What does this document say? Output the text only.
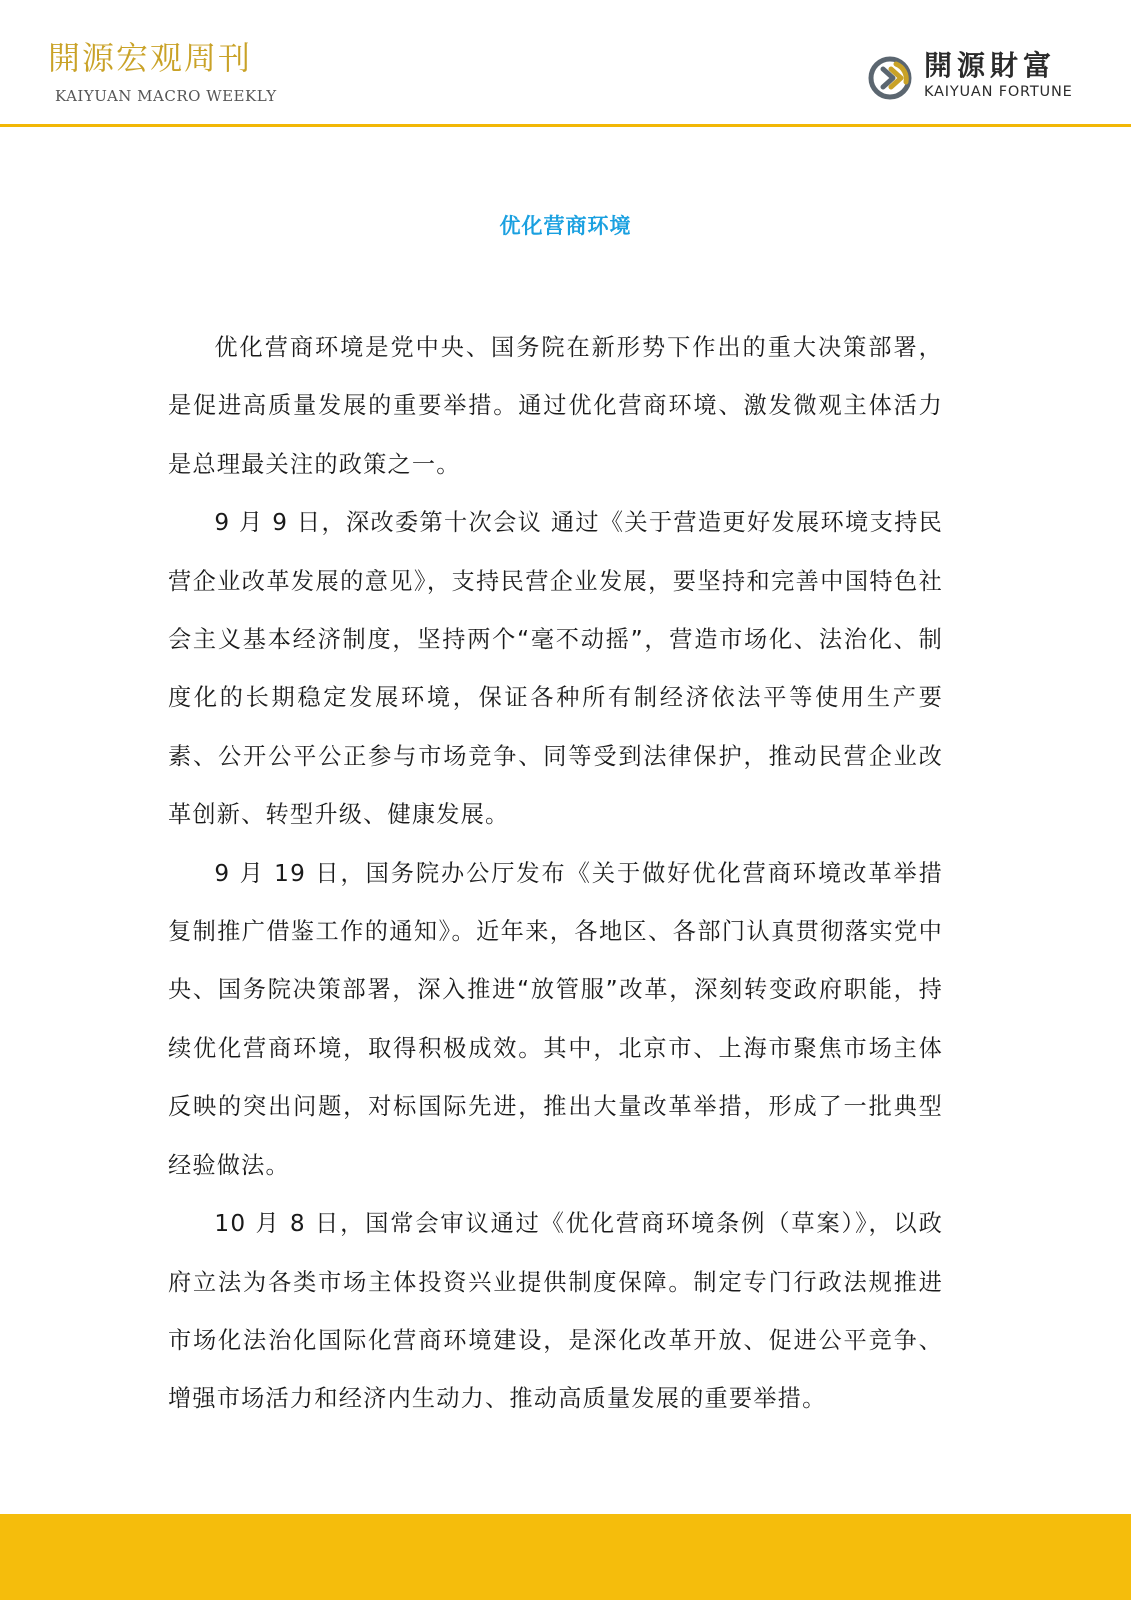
開源宏观周刊
KAIYUAN MACRO WEEKLY
開源財富
KAIYUAN FORTUNE
优化营商环境

优化营商环境是党中央、国务院在新形势下作出的重大决策部署，是促进高质量发展的重要举措。通过优化营商环境、激发微观主体活力是总理最关注的政策之一。

9 月 9 日，深改委第十次会议 通过《关于营造更好发展环境支持民营企业改革发展的意见》，支持民营企业发展，要坚持和完善中国特色社会主义基本经济制度，坚持两个“毫不动摇”，营造市场化、法治化、制度化的长期稳定发展环境，保证各种所有制经济依法平等使用生产要素、公开公平公正参与市场竞争、同等受到法律保护，推动民营企业改革创新、转型升级、健康发展。

9 月 19 日，国务院办公厅发布《关于做好优化营商环境改革举措复制推广借鉴工作的通知》。近年来，各地区、各部门认真贯彻落实党中央、国务院决策部署，深入推进“放管服”改革，深刻转变政府职能，持续优化营商环境，取得积极成效。其中，北京市、上海市聚焦市场主体反映的突出问题，对标国际先进，推出大量改革举措，形成了一批典型经验做法。

10 月 8 日，国常会审议通过《优化营商环境条例（草案）》，以政府立法为各类市场主体投资兴业提供制度保障。制定专门行政法规推进市场化法治化国际化营商环境建设，是深化改革开放、促进公平竞争、增强市场活力和经济内生动力、推动高质量发展的重要举措。
